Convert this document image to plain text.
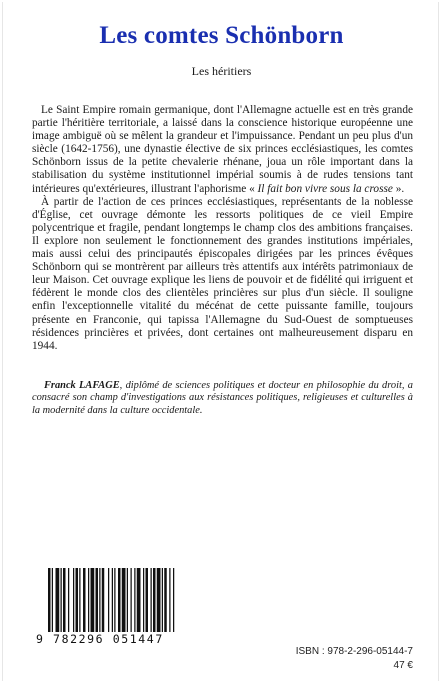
Les comtes Schönborn
Les héritiers

Le Saint Empire romain germanique, dont l'Allemagne actuelle est en très grande partie l'héritière territoriale, a laissé dans la conscience historique européenne une image ambiguë où se mêlent la grandeur et l'impuissance. Pendant un peu plus d'un siècle (1642-1756), une dynastie élective de six princes ecclésiastiques, les comtes Schönborn issus de la petite chevalerie rhénane, joua un rôle important dans la stabilisation du système institutionnel impérial soumis à de rudes tensions tant intérieures qu'extérieures, illustrant l'aphorisme « Il fait bon vivre sous la crosse ».

À partir de l'action de ces princes ecclésiastiques, représentants de la noblesse d'Église, cet ouvrage démonte les ressorts politiques de ce vieil Empire polycentrique et fragile, pendant longtemps le champ clos des ambitions françaises. Il explore non seulement le fonctionnement des grandes institutions impériales, mais aussi celui des principautés épiscopales dirigées par les princes évêques Schönborn qui se montrèrent par ailleurs très attentifs aux intérêts patrimoniaux de leur Maison. Cet ouvrage explique les liens de pouvoir et de fidélité qui irriguent et fédèrent le monde clos des clientèles princières sur plus d'un siècle. Il souligne enfin l'exceptionnelle vitalité du mécénat de cette puissante famille, toujours présente en Franconie, qui tapissa l'Allemagne du Sud-Ouest de somptueuses résidences princières et privées, dont certaines ont malheureusement disparu en 1944.

Franck LAFAGE, diplômé de sciences politiques et docteur en philosophie du droit, a consacré son champ d'investigations aux résistances politiques, religieuses et culturelles à la modernité dans la culture occidentale.
9 782296 051447
ISBN : 978-2-296-05144-7
47 €
